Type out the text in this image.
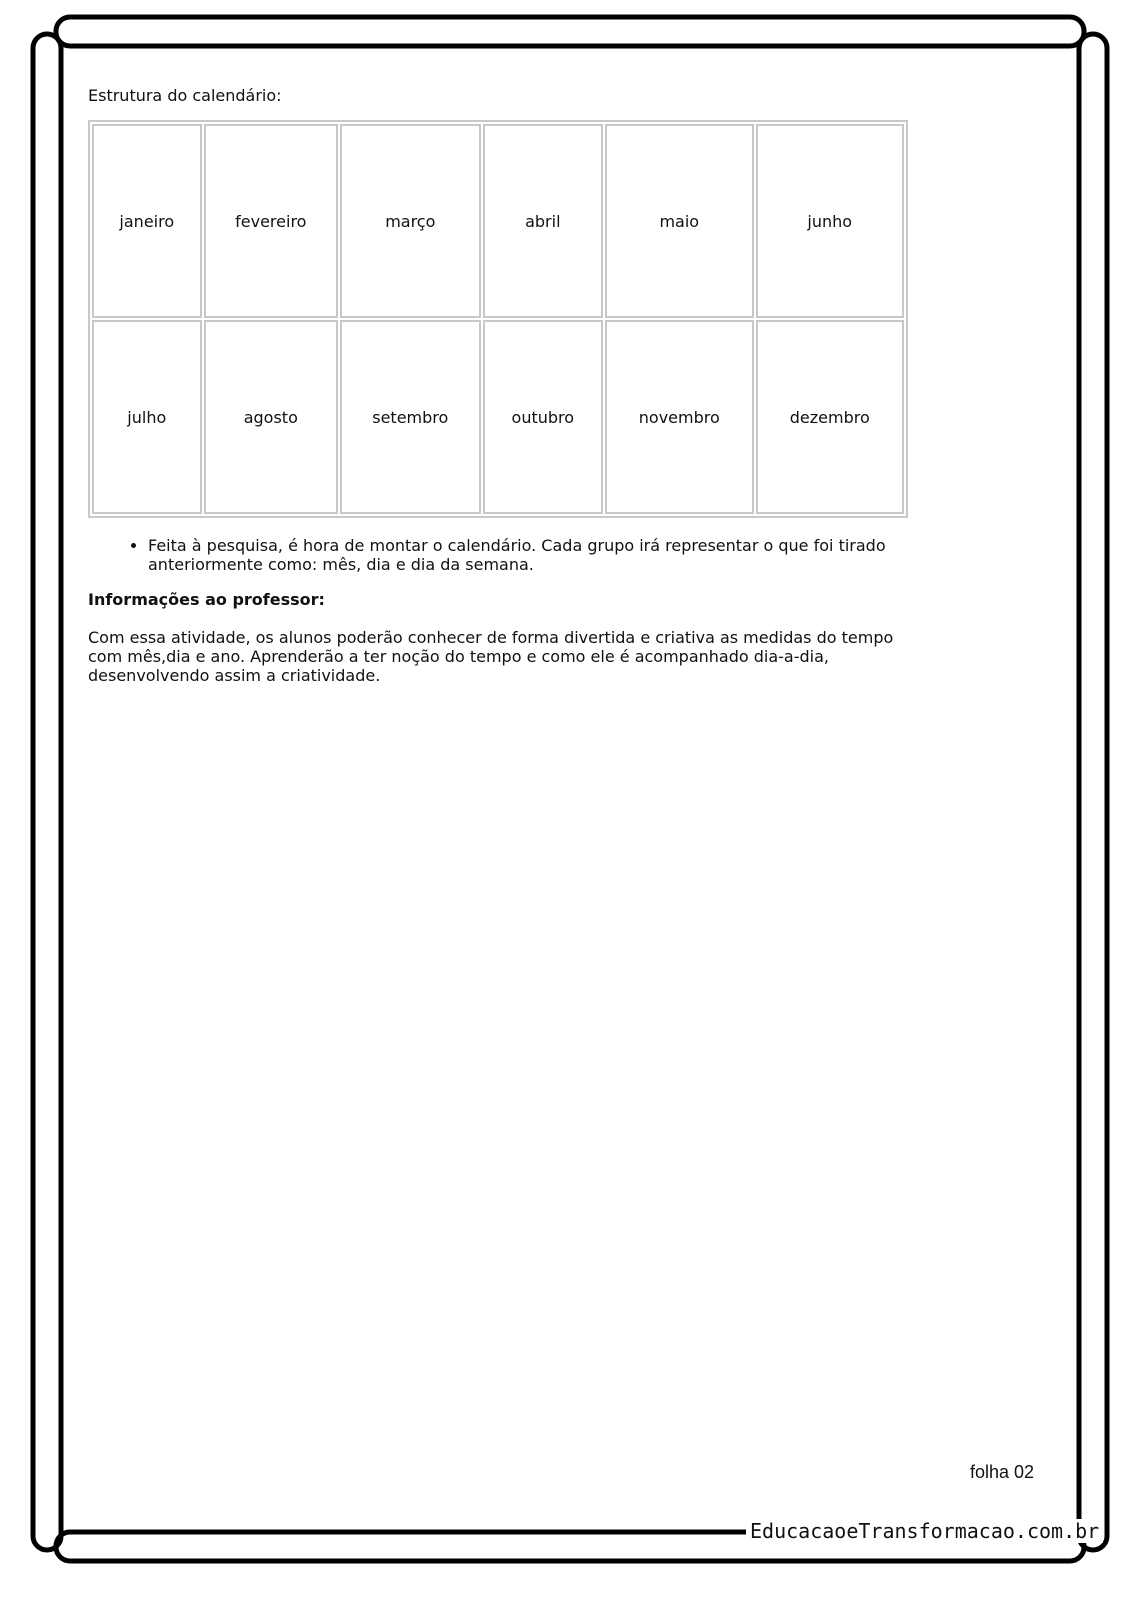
Estrutura do calendário:

janeiro	fevereiro	março	abril	maio	junho
julho	agosto	setembro	outubro	novembro	dezembro
• Feita à pesquisa, é hora de montar o calendário. Cada grupo irá representar o que foi tirado anteriormente como: mês, dia e dia da semana.

Informações ao professor:

Com essa atividade, os alunos poderão conhecer de forma divertida e criativa as medidas do tempo com mês,dia e ano. Aprenderão a ter noção do tempo e como ele é acompanhado dia-a-dia, desenvolvendo assim a criatividade.

folha 02
EducacaoeTransformacao.com.br
